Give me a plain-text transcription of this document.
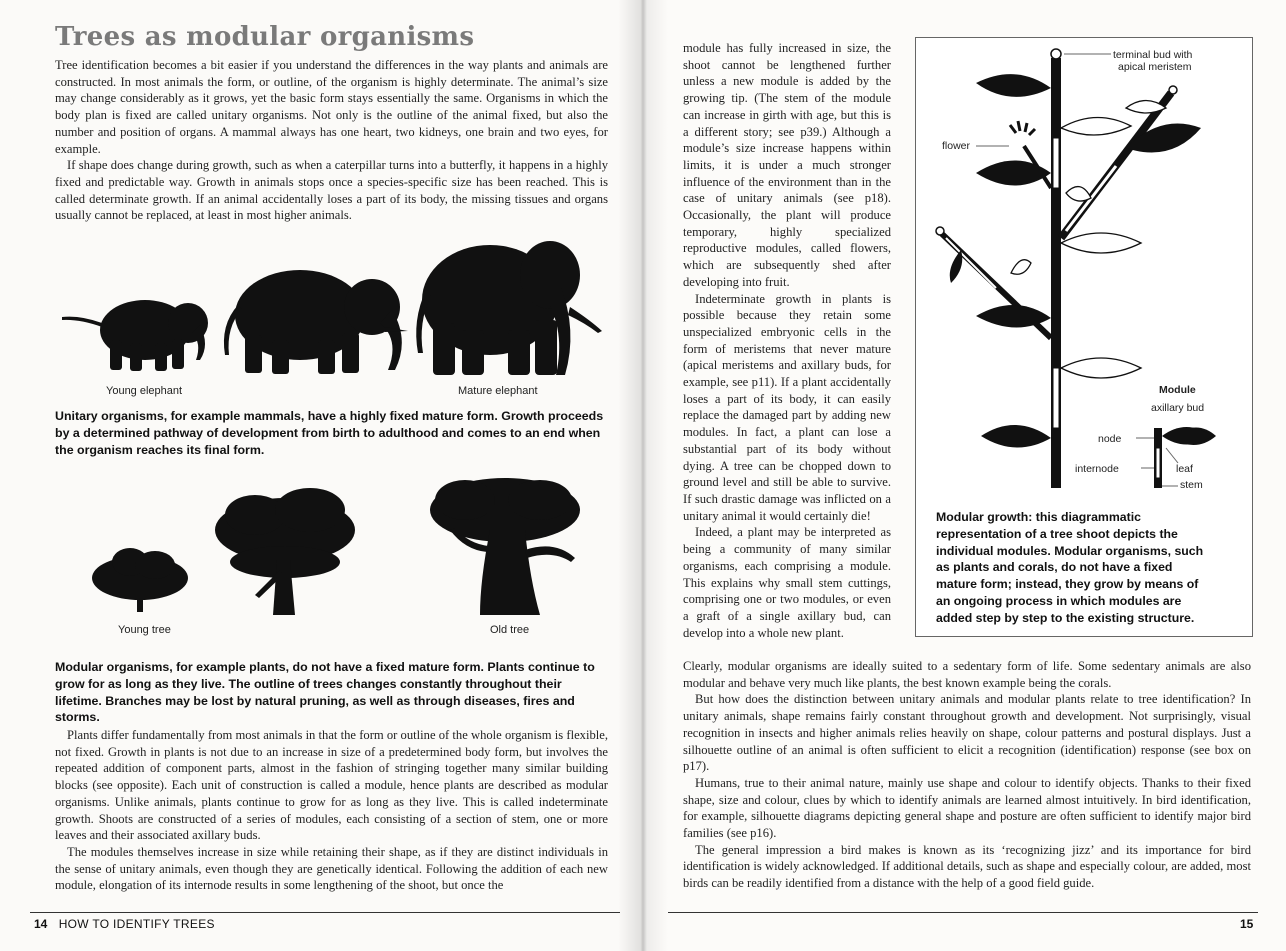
Trees as modular organisms

Tree identification becomes a bit easier if you understand the differences in the way plants and animals are constructed. In most animals the form, or outline, of the organism is highly determinate. The animal’s size may change considerably as it grows, yet the basic form stays essentially the same. Organisms in which the body plan is fixed are called unitary organisms. Not only is the outline of the animal fixed, but also the number and position of organs. A mammal always has one heart, two kidneys, one brain and two eyes, for example.

If shape does change during growth, such as when a caterpillar turns into a butterfly, it happens in a highly fixed and predictable way. Growth in animals stops once a species-specific size has been reached. This is called determinate growth. If an animal accidentally loses a part of its body, the missing tissues and organs usually cannot be replaced, at least in most higher animals.

Young elephant	Mature elephant

Unitary organisms, for example mammals, have a highly fixed mature form. Growth proceeds by a determined pathway of development from birth to adulthood and comes to an end when the organism reaches its final form.

Young tree	Old tree

Modular organisms, for example plants, do not have a fixed mature form. Plants continue to grow for as long as they live. The outline of trees changes constantly throughout their lifetime. Branches may be lost by natural pruning, as well as through diseases, fires and storms.

Plants differ fundamentally from most animals in that the form or outline of the whole organism is flexible, not fixed. Growth in plants is not due to an increase in size of a predetermined body form, but involves the repeated addition of component parts, almost in the fashion of stringing together many similar building blocks (see opposite). Each unit of construction is called a module, hence plants are described as modular organisms. Unlike animals, plants continue to grow for as long as they live. This is called indeterminate growth. Shoots are constructed of a series of modules, each consisting of a section of stem, one or more leaves and their associated axillary buds.

The modules themselves increase in size while retaining their shape, as if they are distinct individuals in the sense of unitary animals, even though they are genetically identical. Following the addition of each new module, elongation of its internode results in some lengthening of the shoot, but once the

14 HOW TO IDENTIFY TREES

module has fully increased in size, the shoot cannot be lengthened further unless a new module is added by the growing tip. (The stem of the module can increase in girth with age, but this is a different story; see p39.) Although a module’s size increase happens within limits, it is under a much stronger influence of the environment than in the case of unitary animals (see p18). Occasionally, the plant will produce temporary, highly specialized reproductive modules, called flowers, which are subsequently shed after developing into fruit.

Indeterminate growth in plants is possible because they retain some unspecialized embryonic cells in the form of meristems that never mature (apical meristems and axillary buds, for example, see p11). If a plant accidentally loses a part of its body, it can easily replace the damaged part by adding new modules. In fact, a plant can lose a substantial part of its body without dying. A tree can be chopped down to ground level and still be able to survive. If such drastic damage was inflicted on a unitary animal it would certainly die!

Indeed, a plant may be interpreted as being a community of many similar organisms, each comprising a module. This explains why small stem cuttings, comprising one or two modules, or even a graft of a single axillary bud, can develop into a whole new plant.

terminal bud with
apical meristem
flower
Module
axillary bud
node
internode	leaf
stem

Modular growth: this diagrammatic representation of a tree shoot depicts the individual modules. Modular organisms, such as plants and corals, do not have a fixed mature form; instead, they grow by means of an ongoing process in which modules are added step by step to the existing structure.

Clearly, modular organisms are ideally suited to a sedentary form of life. Some sedentary animals are also modular and behave very much like plants, the best known example being the corals.

But how does the distinction between unitary animals and modular plants relate to tree identification? In unitary animals, shape remains fairly constant throughout growth and development. Not surprisingly, visual recognition in insects and higher animals relies heavily on shape, colour patterns and postural displays. Just a silhouette outline of an animal is often sufficient to elicit a recognition (identification) response (see box on p17).

Humans, true to their animal nature, mainly use shape and colour to identify objects. Thanks to their fixed shape, size and colour, clues by which to identify animals are learned almost intuitively. In bird identification, for example, silhouette diagrams depicting general shape and posture are often sufficient to identify major bird families (see p16).

The general impression a bird makes is known as its ‘recognizing jizz’ and its importance for bird identification is widely acknowledged. If additional details, such as shape and especially colour, are added, most birds can be readily identified from a distance with the help of a good field guide.

15
